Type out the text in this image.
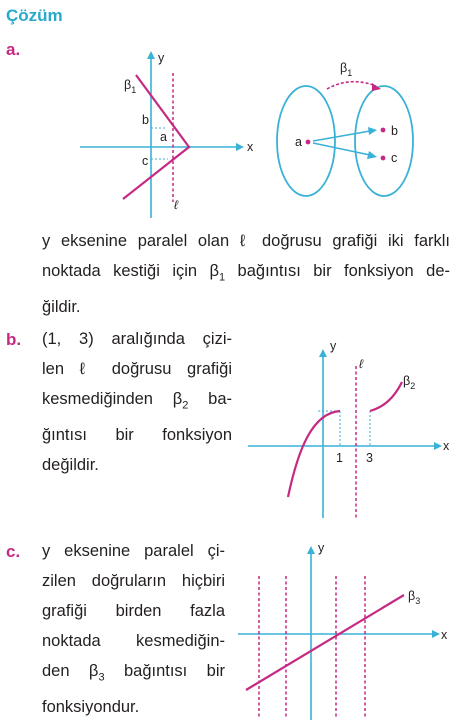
Çözüm
a.	y
x
$\beta_1$
b
a
c
ℓ
$\beta_1$
a
b
c
y
x
ℓ
$\beta_2$
1 3
y
x
$\beta_3$
y eksenine paralel olan ℓ doğrusu grafiği iki farklı
noktada kestiği için $\beta_1$ bağıntısı bir fonksiyon de-
ğildir.
b. (1, 3) aralığında çizi-
len ℓ doğrusu grafiği
kesmediğinden $\beta_2$ ba-
ğıntısı bir fonksiyon
değildir.
c. y eksenine paralel çi-
zilen doğruların hiçbiri
grafiği birden fazla
noktada kesmediğin-
den $\beta_3$ bağıntısı bir
fonksiyondur.
